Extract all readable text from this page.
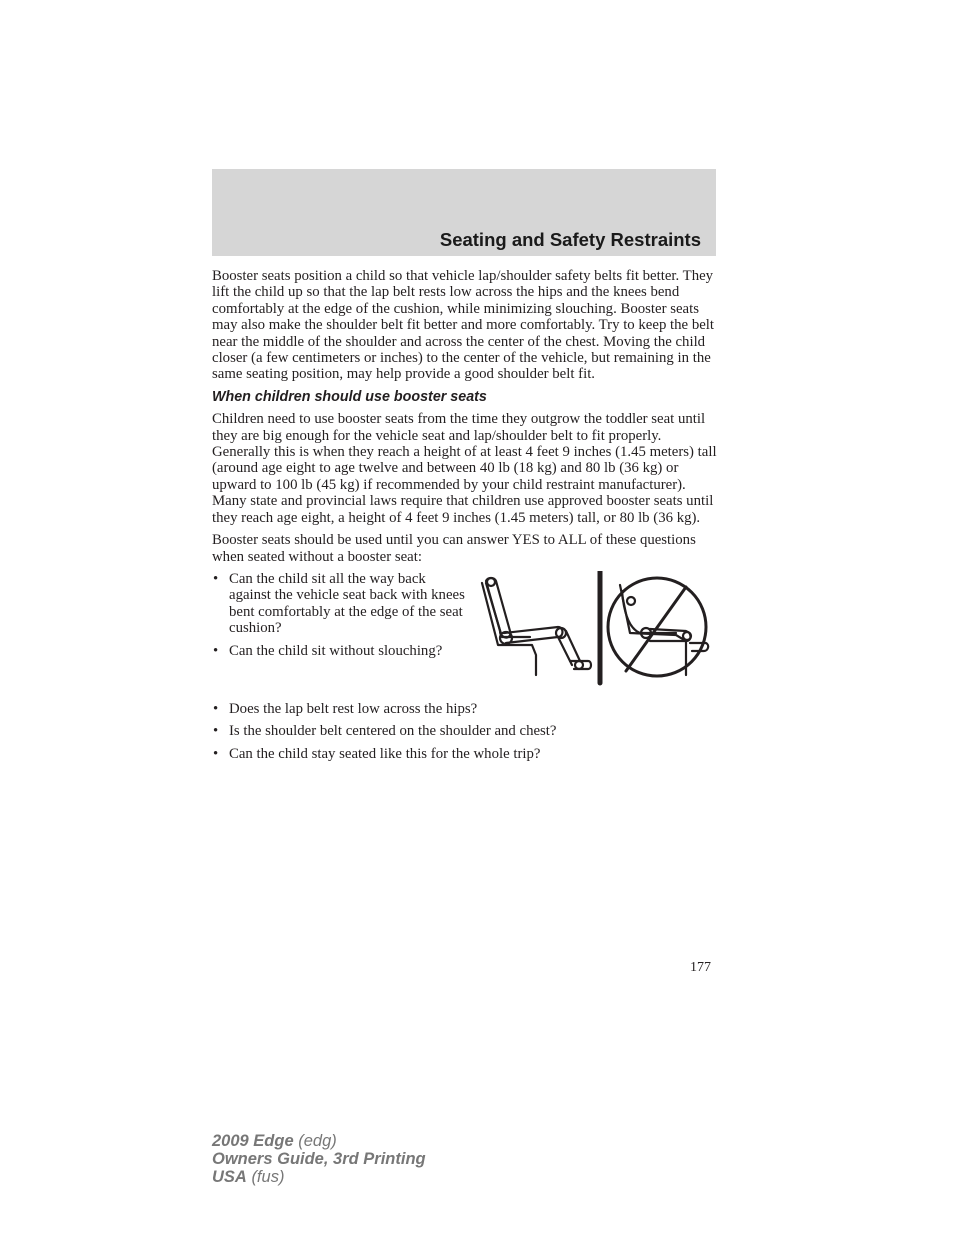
Seating and Safety Restraints

Booster seats position a child so that vehicle lap/shoulder safety belts fit better. They lift the child up so that the lap belt rests low across the hips and the knees bend comfortably at the edge of the cushion, while minimizing slouching. Booster seats may also make the shoulder belt fit better and more comfortably. Try to keep the belt near the middle of the shoulder and across the center of the chest. Moving the child closer (a few centimeters or inches) to the center of the vehicle, but remaining in the same seating position, may help provide a good shoulder belt fit.

When children should use booster seats

Children need to use booster seats from the time they outgrow the toddler seat until they are big enough for the vehicle seat and lap/shoulder belt to fit properly. Generally this is when they reach a height of at least 4 feet 9 inches (1.45 meters) tall (around age eight to age twelve and between 40 lb (18 kg) and 80 lb (36 kg) or upward to 100 lb (45 kg) if recommended by your child restraint manufacturer). Many state and provincial laws require that children use approved booster seats until they reach age eight, a height of 4 feet 9 inches (1.45 meters) tall, or 80 lb (36 kg).

Booster seats should be used until you can answer YES to ALL of these questions when seated without a booster seat:

• Can the child sit all the way back against the vehicle seat back with knees bent comfortably at the edge of the seat cushion?
• Can the child sit without slouching?
• Does the lap belt rest low across the hips?
• Is the shoulder belt centered on the shoulder and chest?
• Can the child stay seated like this for the whole trip?
177
2009 Edge (edg)
Owners Guide, 3rd Printing
USA (fus)
